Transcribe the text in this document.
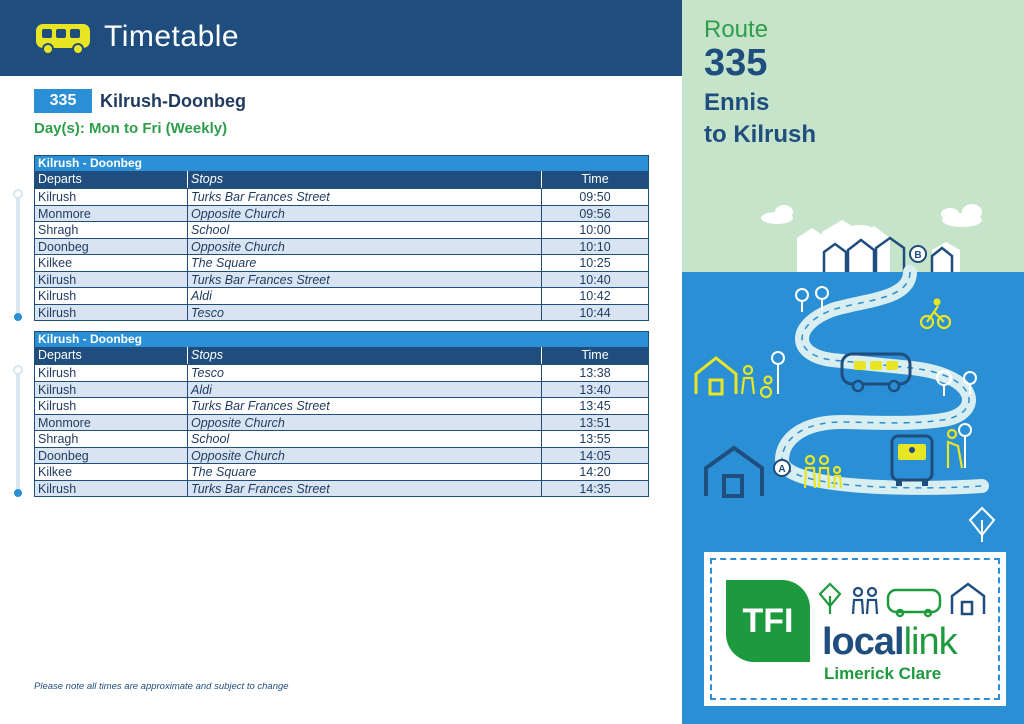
Timetable
335	Kilrush-Doonbeg
Day(s): Mon to Fri (Weekly)
Kilrush - Doonbeg
Departs	Stops	Time
Kilrush	Turks Bar Frances Street	09:50
Monmore	Opposite Church	09:56
Shragh	School	10:00
Doonbeg	Opposite Church	10:10
Kilkee	The Square	10:25
Kilrush	Turks Bar Frances Street	10:40
Kilrush	Aldi	10:42
Kilrush	Tesco	10:44
Kilrush - Doonbeg
Departs	Stops	Time
Kilrush	Tesco	13:38
Kilrush	Aldi	13:40
Kilrush	Turks Bar Frances Street	13:45
Monmore	Opposite Church	13:51
Shragh	School	13:55
Doonbeg	Opposite Church	14:05
Kilkee	The Square	14:20
Kilrush	Turks Bar Frances Street	14:35
Please note all times are approximate and subject to change
Route
335
Ennis
to Kilrush
B
A
TFI locallink
Limerick Clare
